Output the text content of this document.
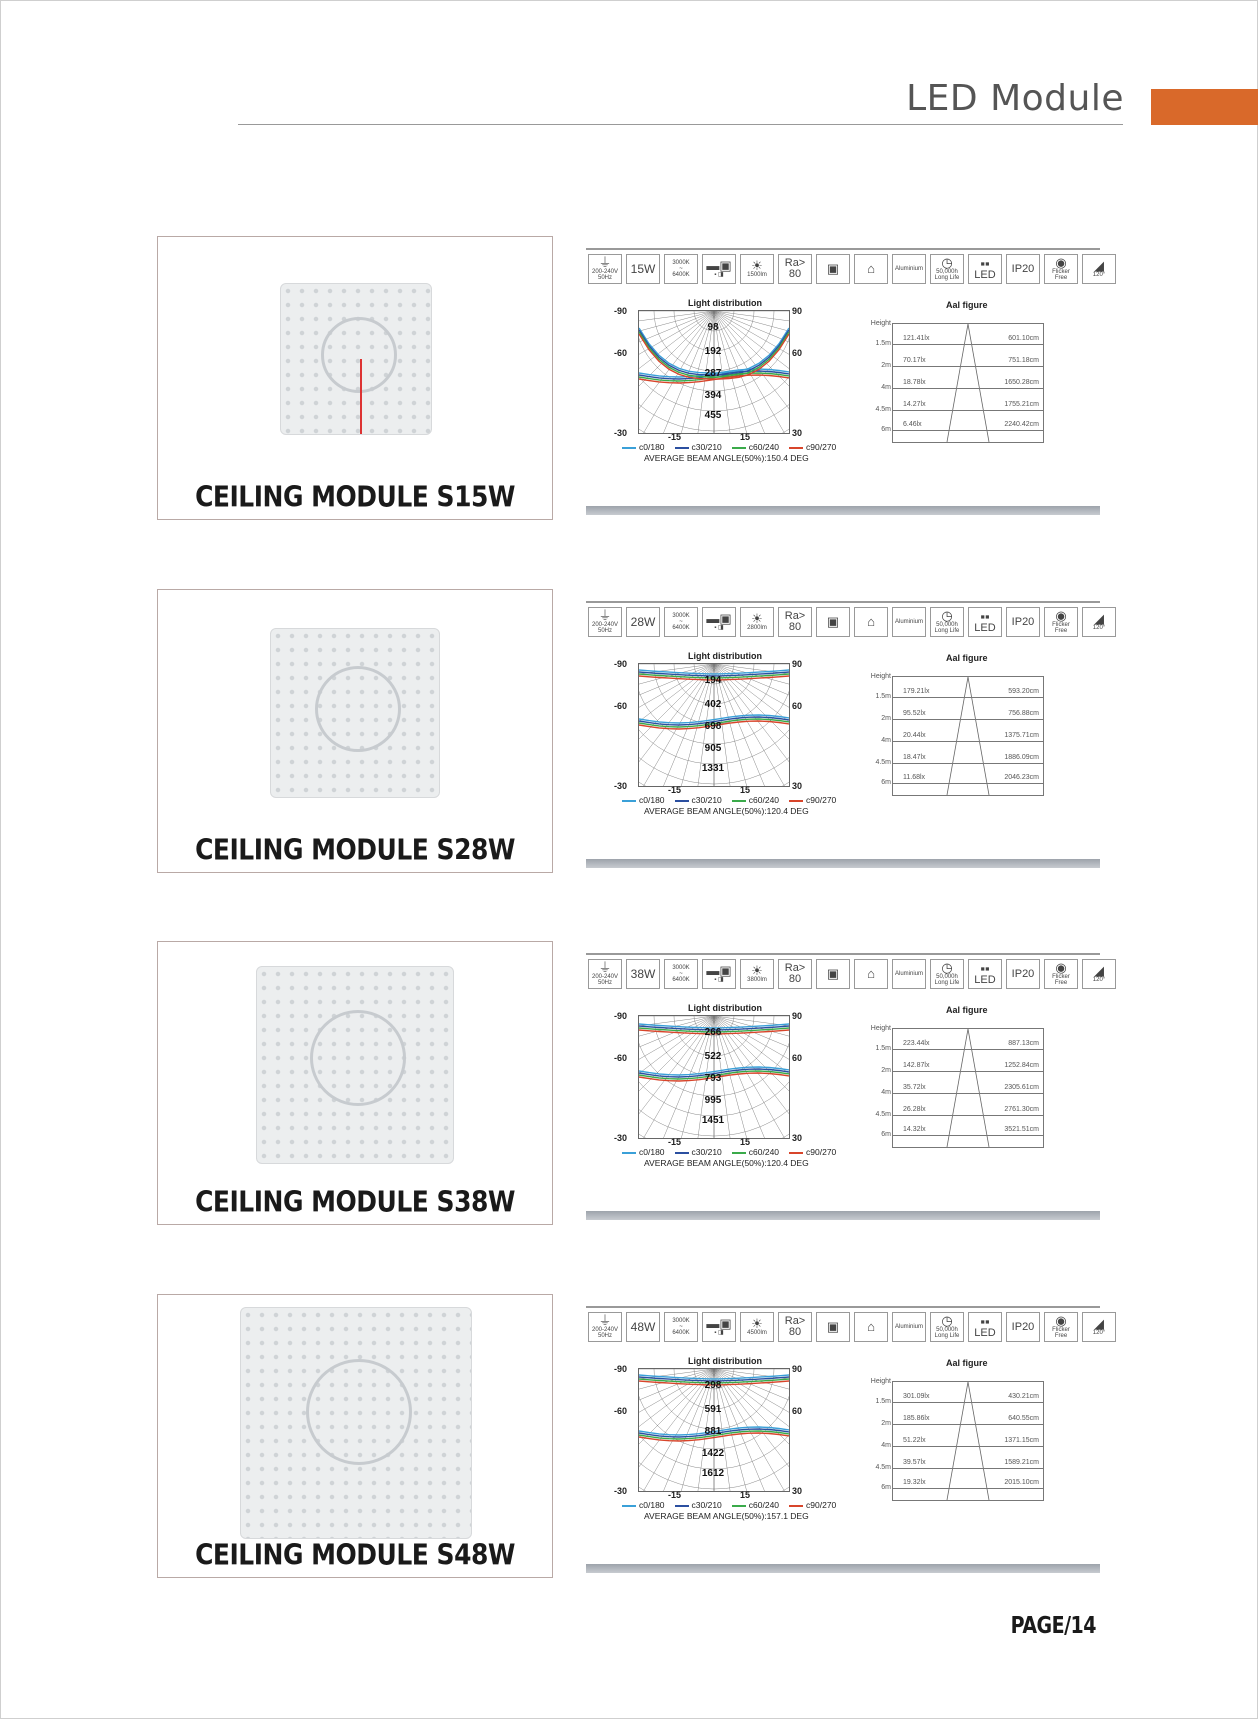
LED Module
CEILING MODULE S15W
⏚
200-240V 50Hz
15W	3000K
~
6400K
▬▣
▪ ◨
☀
1500lm
Ra>
80 ▣ ⌂	Aluminium ◷
50,000h
Long Life
▪▪
LED	IP20	◉
Flicker
Free
◢
120°
Light distribution
98
192
287
394
455
-90
-60
-30
90
60
30
-15	15
c0/180	c30/210	c60/240	c90/270
AVERAGE BEAM ANGLE(50%):150.4 DEG
Aal figure
Height
1.5m
121.41lx	601.10cm
2m
70.17lx	751.18cm
4m
18.78lx	1650.28cm
4.5m
14.27lx	1755.21cm
6m
6.46lx	2240.42cm
CEILING MODULE S28W
⏚
200-240V 50Hz
28W	3000K
~
6400K
▬▣
▪ ◨
☀
2800lm
Ra>
80 ▣ ⌂	Aluminium ◷
50,000h
Long Life
▪▪
LED	IP20	◉
Flicker
Free
◢
120°
Light distribution
194
402
698
905
1331
-90
-60
-30
90
60
30
-15	15
c0/180	c30/210	c60/240	c90/270
AVERAGE BEAM ANGLE(50%):120.4 DEG
Aal figure
Height
1.5m
179.21lx	593.20cm
2m
95.52lx	756.88cm
4m
20.44lx	1375.71cm
4.5m
18.47lx	1886.09cm
6m
11.68lx	2046.23cm
CEILING MODULE S38W
⏚
200-240V 50Hz
38W	3000K
~
6400K
▬▣
▪ ◨
☀
3800lm
Ra>
80 ▣ ⌂	Aluminium ◷
50,000h
Long Life
▪▪
LED	IP20	◉
Flicker
Free
◢
120°
Light distribution
266
522
793
995
1451
-90
-60
-30
90
60
30
-15	15
c0/180	c30/210	c60/240	c90/270
AVERAGE BEAM ANGLE(50%):120.4 DEG
Aal figure
Height
1.5m
223.44lx	887.13cm
2m
142.87lx	1252.84cm
4m
35.72lx	2305.61cm
4.5m
26.28lx	2761.30cm
6m
14.32lx	3521.51cm
CEILING MODULE S48W
⏚
200-240V 50Hz
48W	3000K
~
6400K
▬▣
▪ ◨
☀
4500lm
Ra>
80 ▣ ⌂	Aluminium ◷
50,000h
Long Life
▪▪
LED	IP20	◉
Flicker
Free
◢
120°
Light distribution
298
591
881
1422
1612
-90
-60
-30
90
60
30
-15	15
c0/180	c30/210	c60/240	c90/270
AVERAGE BEAM ANGLE(50%):157.1 DEG
Aal figure
Height
1.5m
301.09lx	430.21cm
2m
185.86lx	640.55cm
4m
51.22lx	1371.15cm
4.5m
39.57lx	1589.21cm
6m
19.32lx	2015.10cm
PAGE/14
